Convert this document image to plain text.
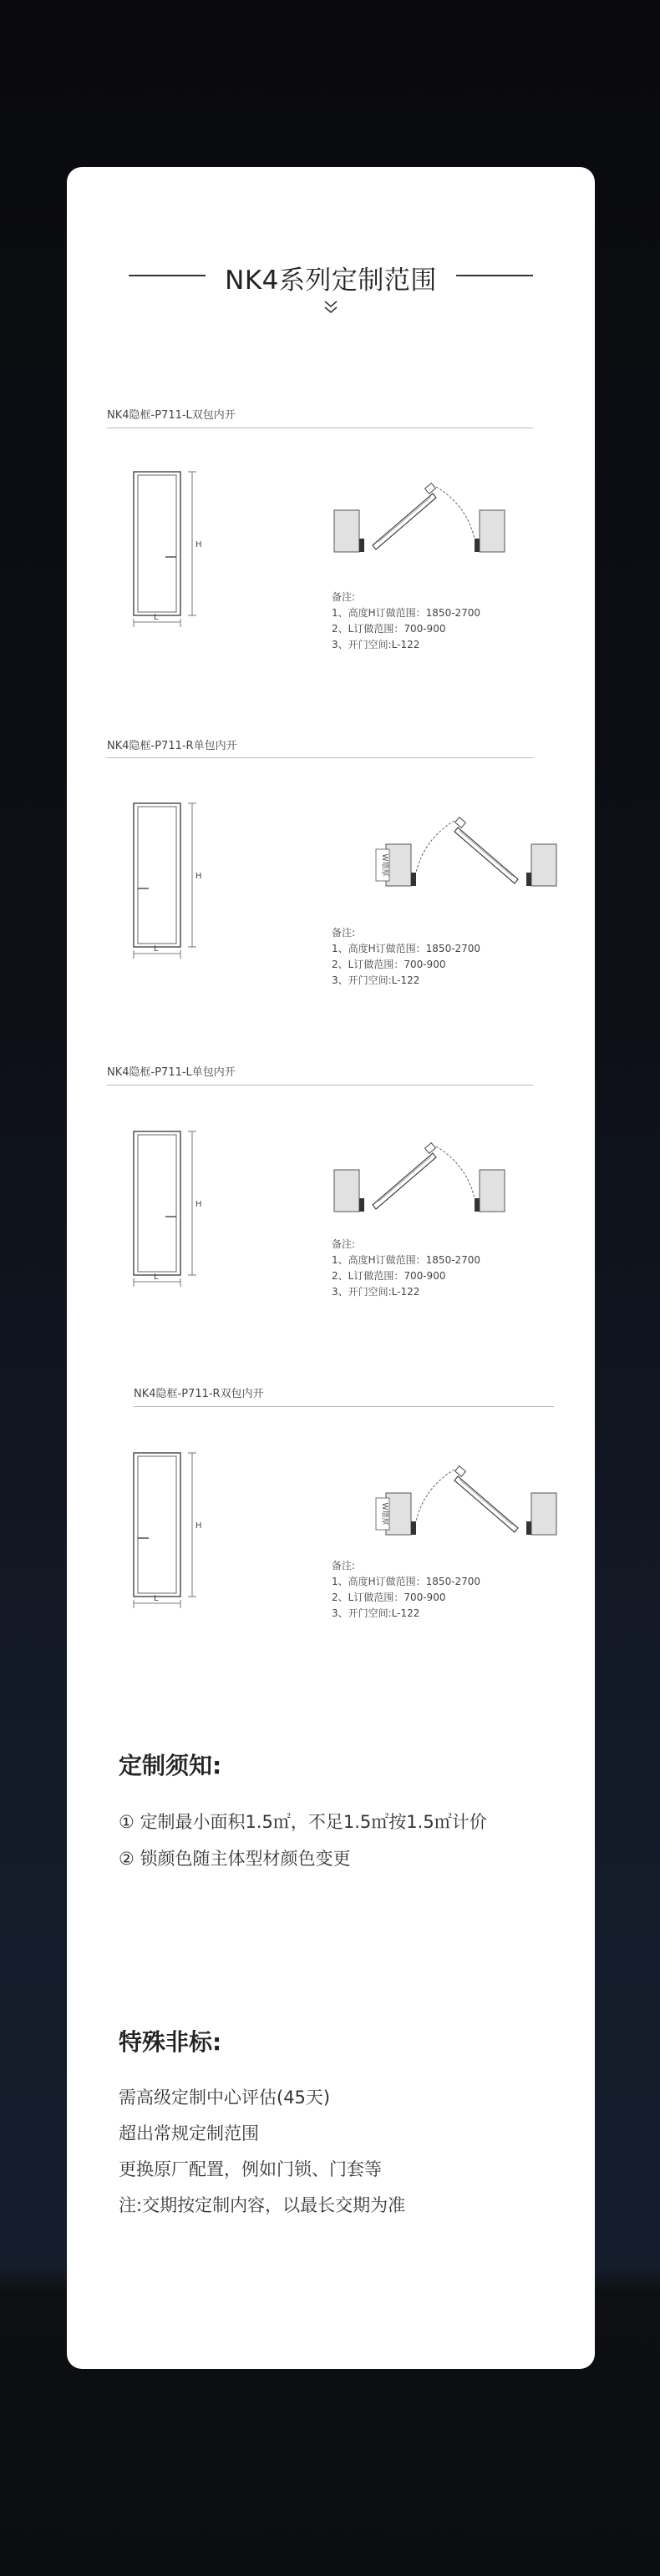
NK4系列定制范围
NK4隐框-P711-L双包内开
H
L
备注:
1、高度H订做范围：1850-2700
2、L订做范围：700-900
3、开门空间:L-122
NK4隐框-P711-R单包内开
H
L
W墙厚
备注:
1、高度H订做范围：1850-2700
2、L订做范围：700-900
3、开门空间:L-122
NK4隐框-P711-L单包内开
H
L
备注:
1、高度H订做范围：1850-2700
2、L订做范围：700-900
3、开门空间:L-122
NK4隐框-P711-R双包内开
H
L
W墙厚
备注:
1、高度H订做范围：1850-2700
2、L订做范围：700-900
3、开门空间:L-122
定制须知:
① 定制最小面积1.5㎡，不足1.5㎡按1.5㎡计价
② 锁颜色随主体型材颜色变更
特殊非标:
需高级定制中心评估(45天)
超出常规定制范围
更换原厂配置，例如门锁、门套等
注:交期按定制内容，以最长交期为准
